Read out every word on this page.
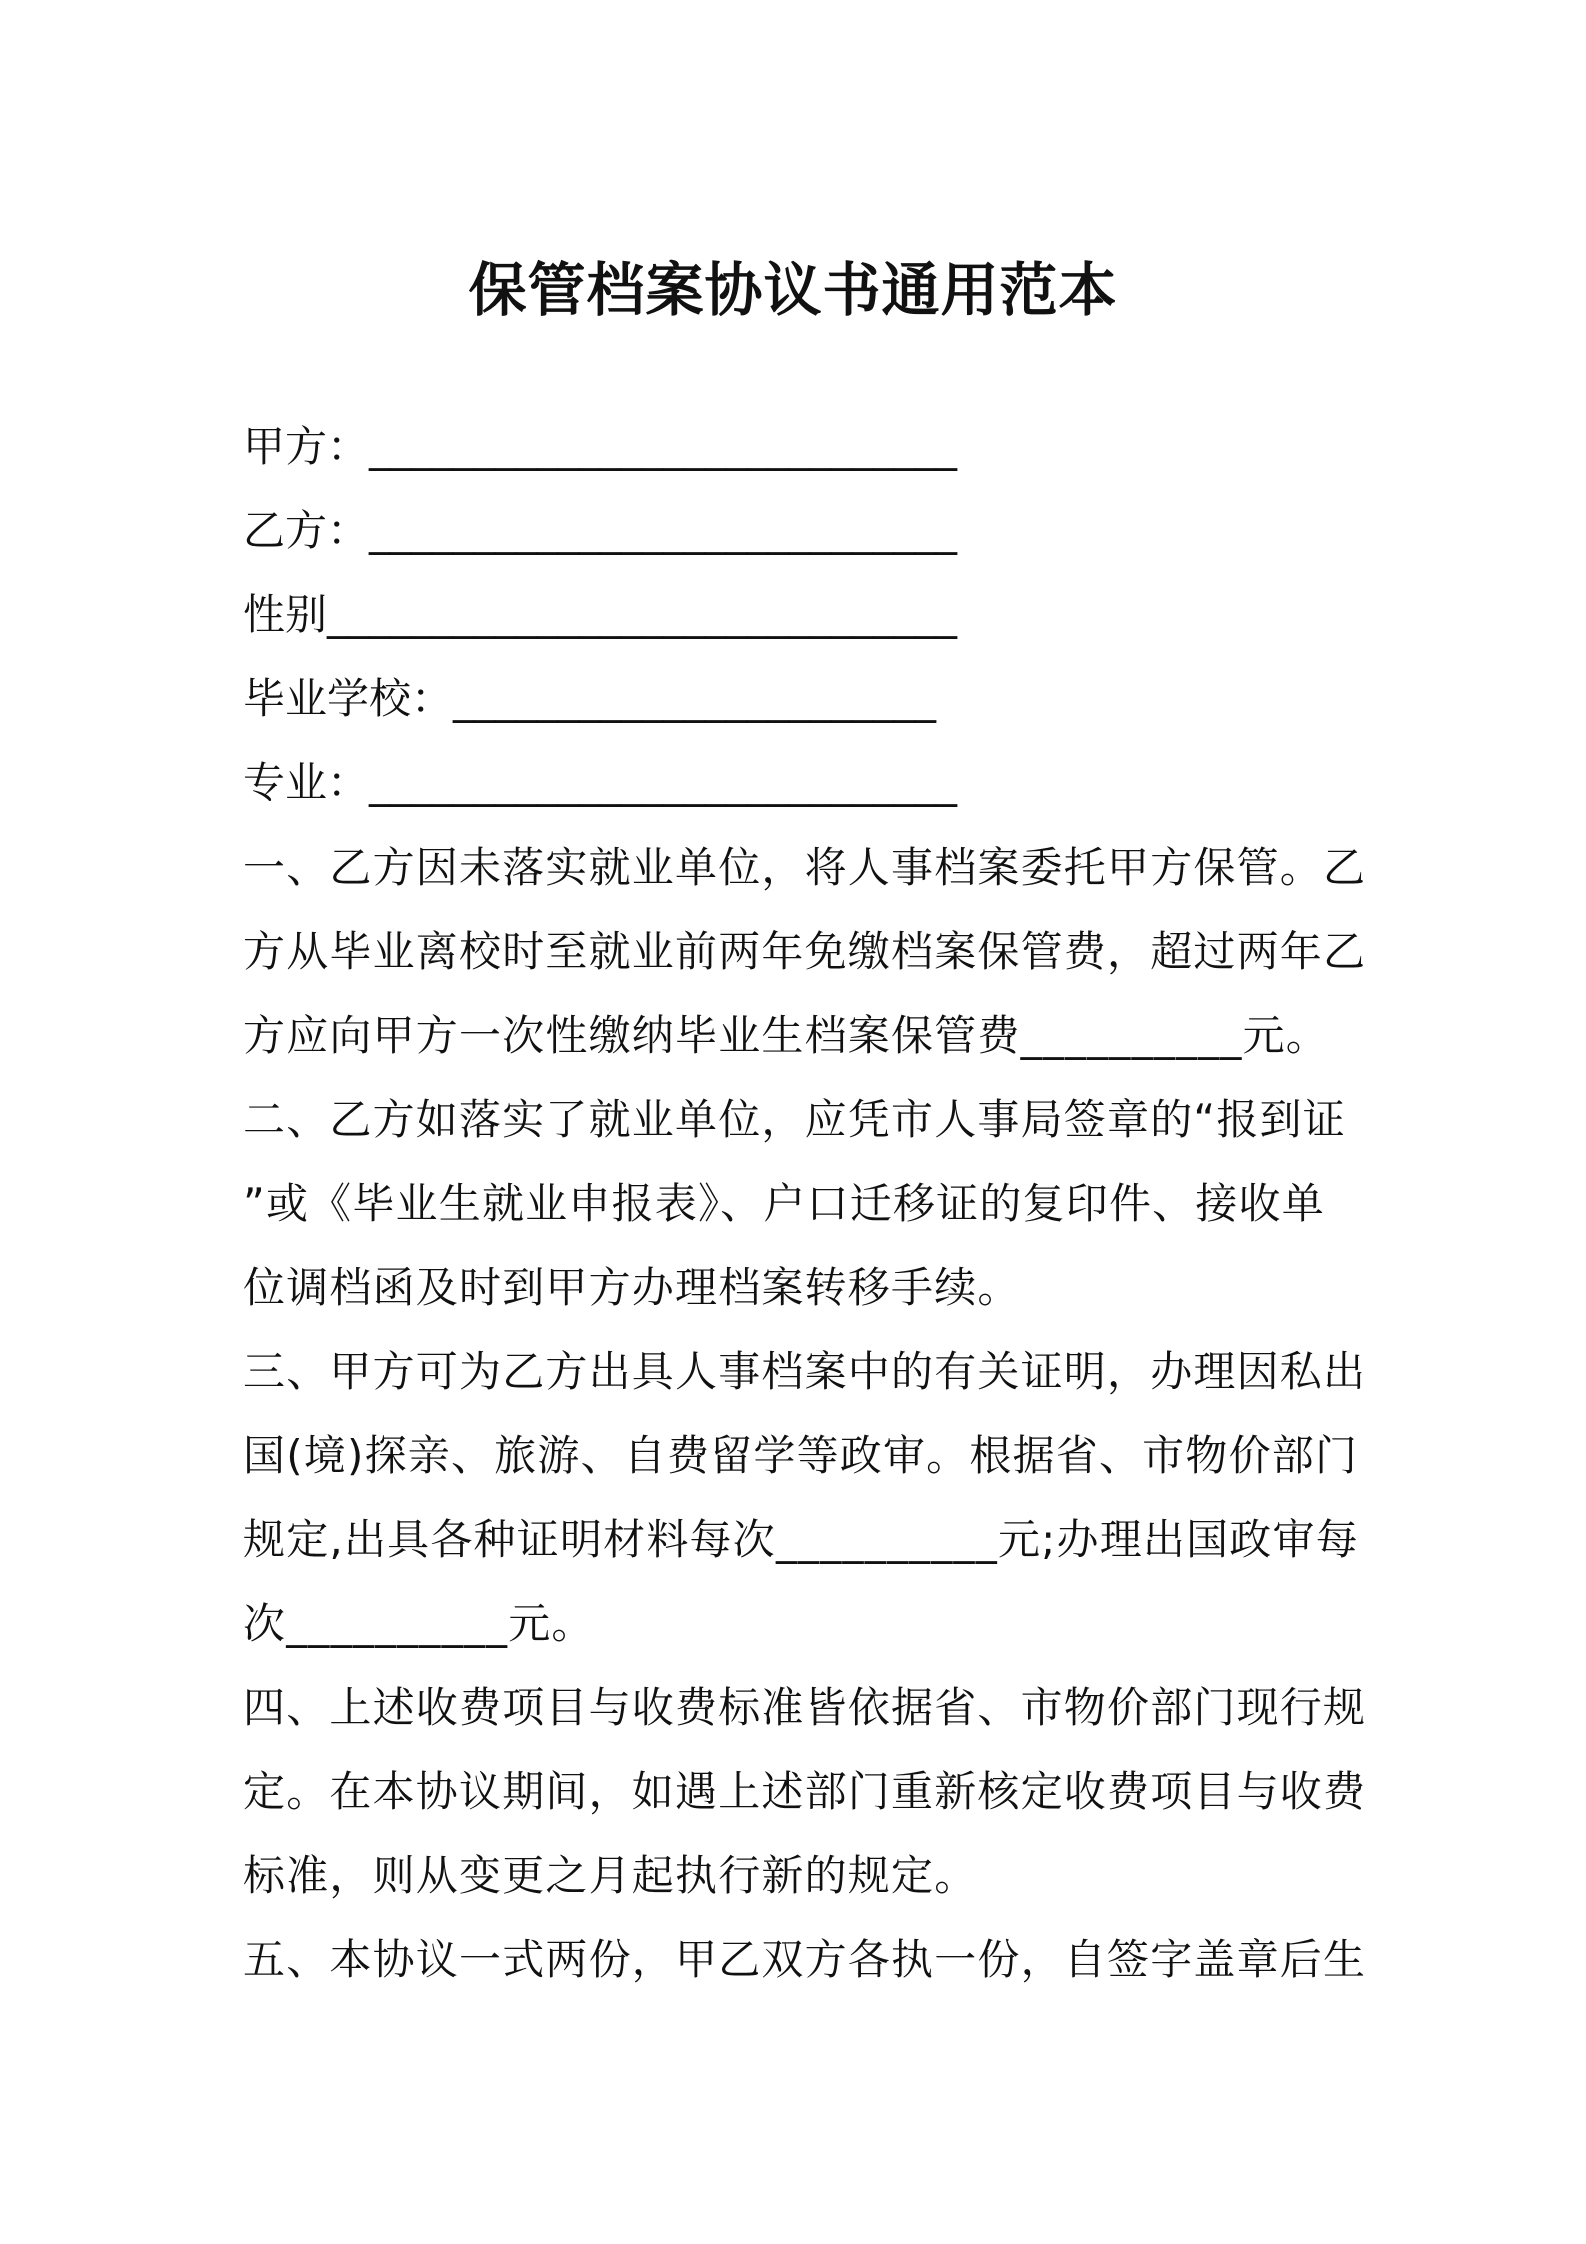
保管档案协议书通用范本
甲方：____________________________
乙方：____________________________
性别______________________________
毕业学校：_______________________
专业：____________________________
一、乙方因未落实就业单位，将人事档案委托甲方保管。乙
方从毕业离校时至就业前两年免缴档案保管费，超过两年乙
方应向甲方一次性缴纳毕业生档案保管费__________元。
二、乙方如落实了就业单位，应凭市人事局签章的“报到证
”或《毕业生就业申报表》、户口迁移证的复印件、接收单
位调档函及时到甲方办理档案转移手续。
三、甲方可为乙方出具人事档案中的有关证明，办理因私出
国(境)探亲、旅游、自费留学等政审。根据省、市物价部门
规定,出具各种证明材料每次__________元;办理出国政审每
次__________元。
四、上述收费项目与收费标准皆依据省、市物价部门现行规
定。在本协议期间，如遇上述部门重新核定收费项目与收费
标准，则从变更之月起执行新的规定。
五、本协议一式两份，甲乙双方各执一份，自签字盖章后生
